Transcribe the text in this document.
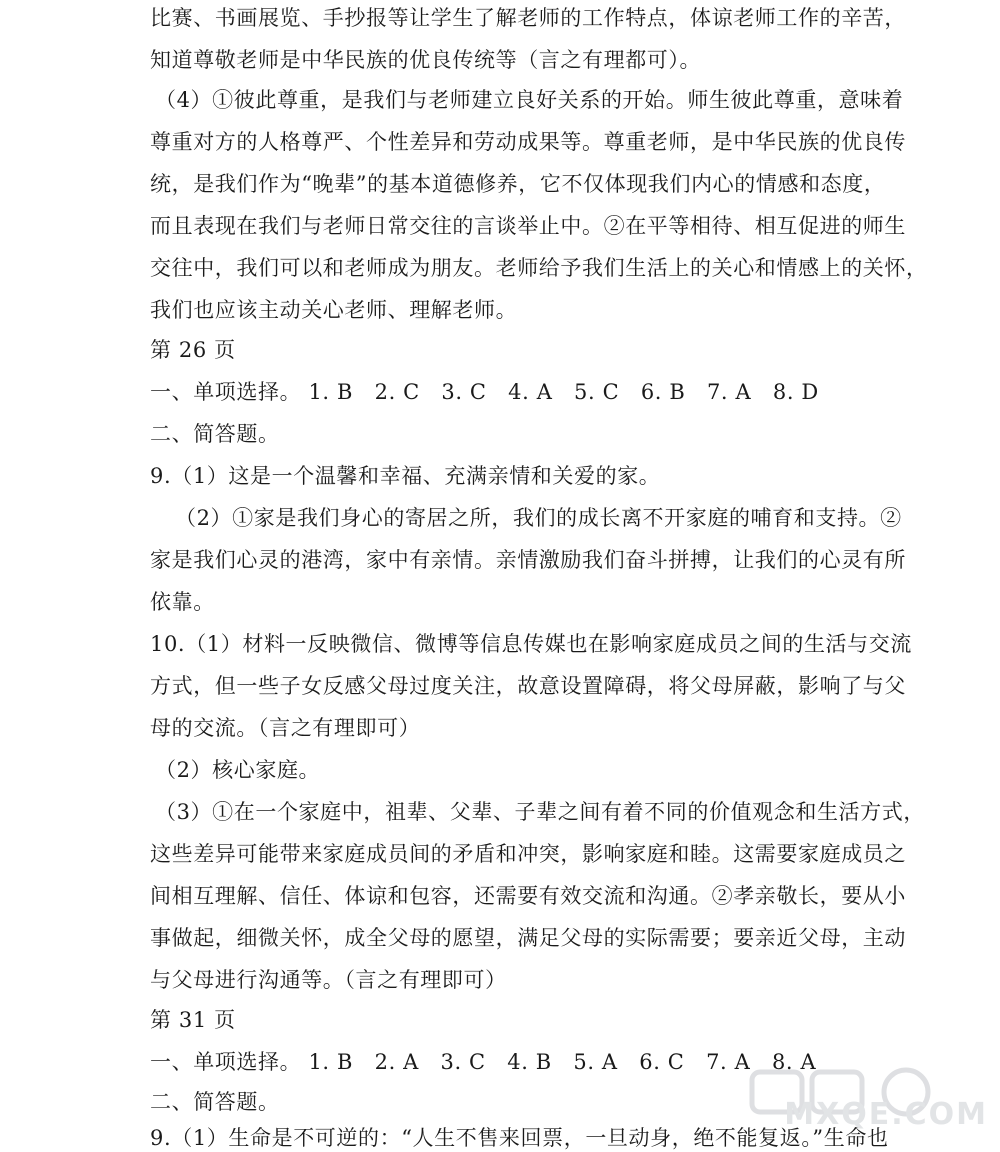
比赛、书画展览、手抄报等让学生了解老师的工作特点，体谅老师工作的辛苦，
知道尊敬老师是中华民族的优良传统等（言之有理都可）。
（4）①彼此尊重，是我们与老师建立良好关系的开始。师生彼此尊重，意味着
尊重对方的人格尊严、个性差异和劳动成果等。尊重老师，是中华民族的优良传
统，是我们作为“晚辈”的基本道德修养，它不仅体现我们内心的情感和态度，
而且表现在我们与老师日常交往的言谈举止中。②在平等相待、相互促进的师生
交往中，我们可以和老师成为朋友。老师给予我们生活上的关心和情感上的关怀，
我们也应该主动关心老师、理解老师。
第 26 页
一、单项选择。 1. B　2. C　3. C　4. A　5. C　6. B　7. A　8. D
二、简答题。
9.（1）这是一个温馨和幸福、充满亲情和关爱的家。
（2）①家是我们身心的寄居之所，我们的成长离不开家庭的哺育和支持。②
家是我们心灵的港湾，家中有亲情。亲情激励我们奋斗拼搏，让我们的心灵有所
依靠。
10.（1）材料一反映微信、微博等信息传媒也在影响家庭成员之间的生活与交流
方式，但一些子女反感父母过度关注，故意设置障碍，将父母屏蔽，影响了与父
母的交流。（言之有理即可）
（2）核心家庭。
（3）①在一个家庭中，祖辈、父辈、子辈之间有着不同的价值观念和生活方式，
这些差异可能带来家庭成员间的矛盾和冲突，影响家庭和睦。这需要家庭成员之
间相互理解、信任、体谅和包容，还需要有效交流和沟通。②孝亲敬长，要从小
事做起，细微关怀，成全父母的愿望，满足父母的实际需要；要亲近父母，主动
与父母进行沟通等。（言之有理即可）
第 31 页
一、单项选择。 1. B　2. A　3. C　4. B　5. A　6. C　7. A　8. A
二、简答题。
9.（1）生命是不可逆的：“人生不售来回票，一旦动身，绝不能复返。”生命也
MXQE.COM
